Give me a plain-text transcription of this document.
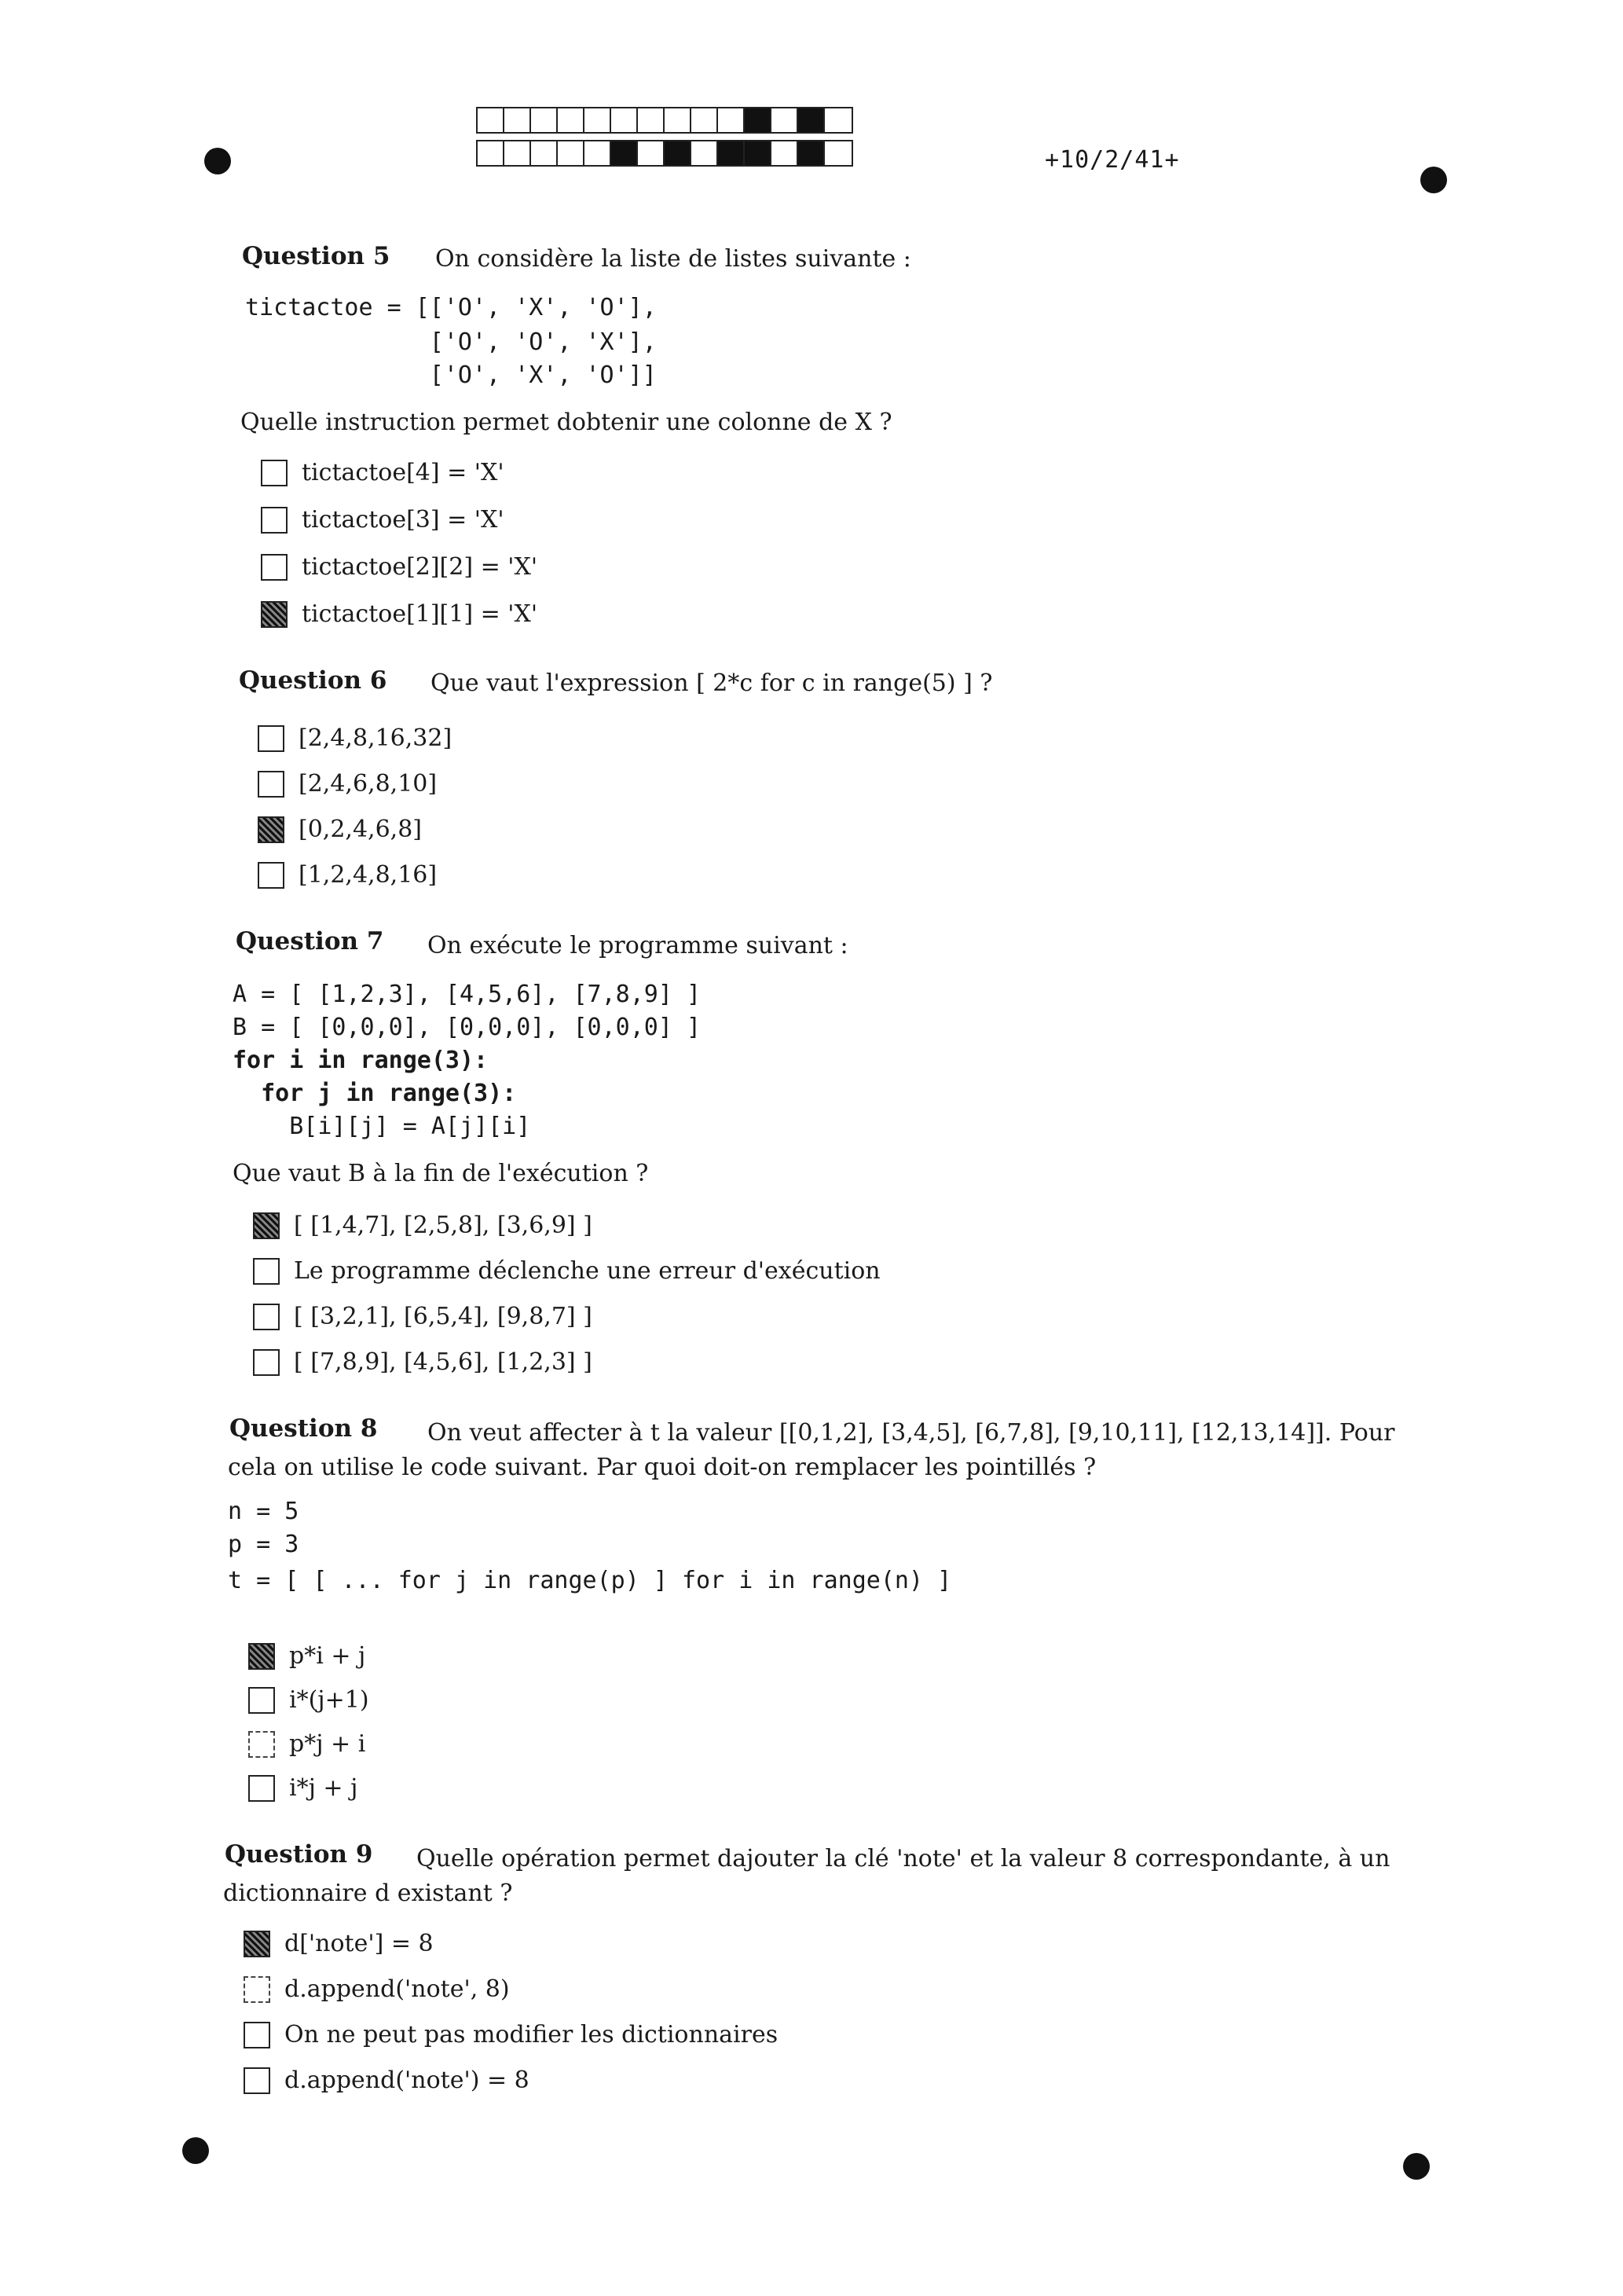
+10/2/41+
Question 5 On considère la liste de listes suivante :
tictactoe = [['O', 'X', 'O'],
['O', 'O', 'X'],
['O', 'X', 'O']]
Quelle instruction permet dobtenir une colonne de X ?
tictactoe[4] = 'X'
tictactoe[3] = 'X'
tictactoe[2][2] = 'X'
tictactoe[1][1] = 'X'
Question 6 Que vaut l'expression [ 2*c for c in range(5) ] ?
[2,4,8,16,32]
[2,4,6,8,10]
[0,2,4,6,8]
[1,2,4,8,16]
Question 7 On exécute le programme suivant :
A = [ [1,2,3], [4,5,6], [7,8,9] ]
B = [ [0,0,0], [0,0,0], [0,0,0] ]
for i in range(3):
for j in range(3):
B[i][j] = A[j][i]
Que vaut B à la fin de l'exécution ?
[ [1,4,7], [2,5,8], [3,6,9] ]
Le programme déclenche une erreur d'exécution
[ [3,2,1], [6,5,4], [9,8,7] ]
[ [7,8,9], [4,5,6], [1,2,3] ]
Question 8 On veut affecter à t la valeur [[0,1,2], [3,4,5], [6,7,8], [9,10,11], [12,13,14]]. Pour
cela on utilise le code suivant. Par quoi doit-on remplacer les pointillés ?
n = 5
p = 3
t = [ [ ... for j in range(p) ] for i in range(n) ]
p*i + j
i*(j+1)
p*j + i
i*j + j
Question 9 Quelle opération permet dajouter la clé 'note' et la valeur 8 correspondante, à un
dictionnaire d existant ?
d['note'] = 8
d.append('note', 8)
On ne peut pas modifier les dictionnaires
d.append('note') = 8
